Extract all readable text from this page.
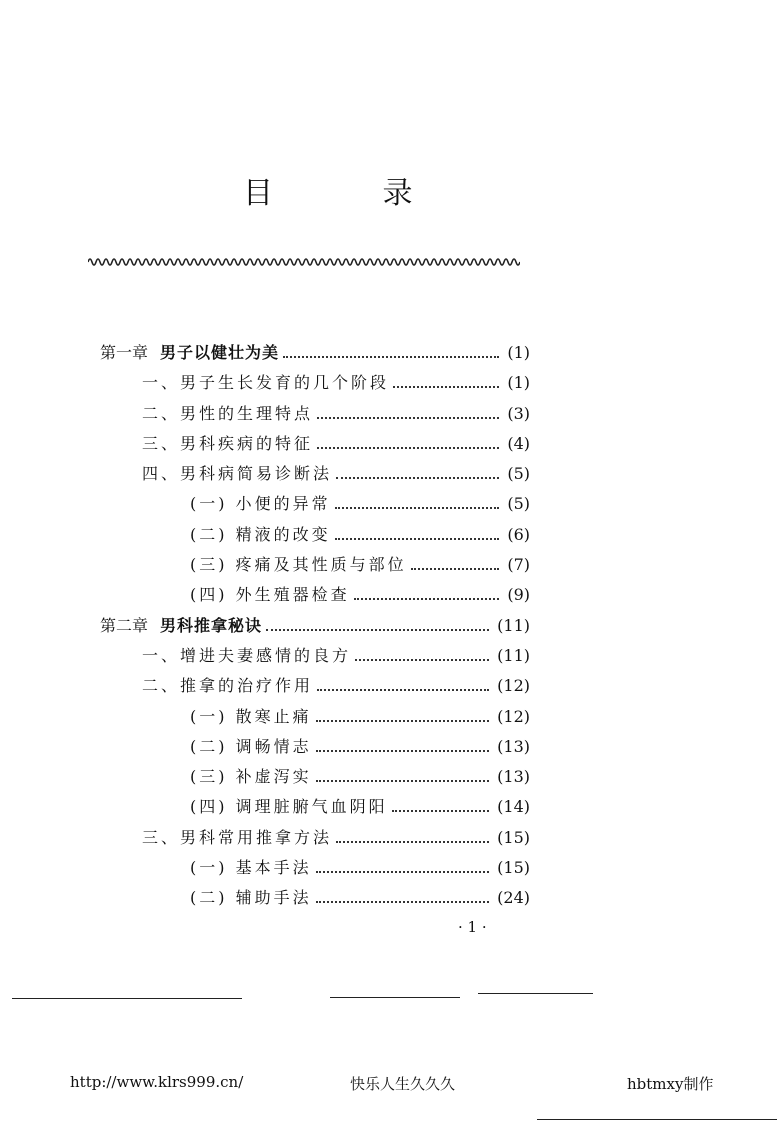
目 录
第一章 男子以健壮为美	(1)
一、男子生长发育的几个阶段	(1)
二、男性的生理特点	(3)
三、男科疾病的特征	(4)
四、男科病简易诊断法	(5)
(一) 小便的异常	(5)
(二) 精液的改变	(6)
(三) 疼痛及其性质与部位	(7)
(四) 外生殖器检查	(9)
第二章 男科推拿秘诀	(11)
一、增进夫妻感情的良方	(11)
二、推拿的治疗作用	(12)
(一) 散寒止痛	(12)
(二) 调畅情志	(13)
(三) 补虚泻实	(13)
(四) 调理脏腑气血阴阳	(14)
三、男科常用推拿方法	(15)
(一) 基本手法	(15)
(二) 辅助手法	(24)
· 1 ·
http://www.klrs999.cn/	快乐人生久久久	hbtmxy制作
